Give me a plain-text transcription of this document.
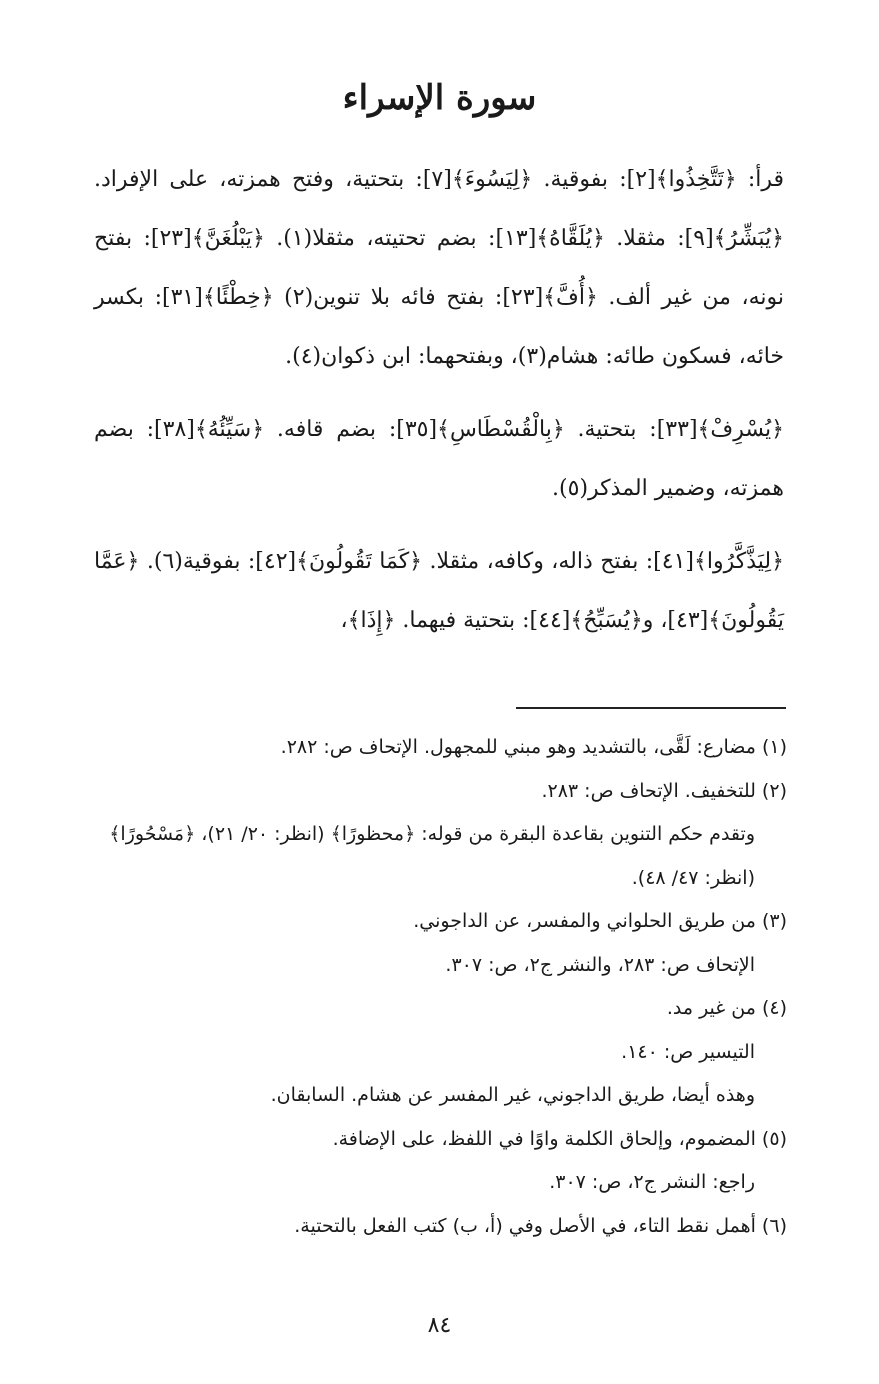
سورة الإسراء

قرأ: ﴿تَتَّخِذُوا﴾[٢]: بفوقية. ﴿لِيَسُوءَ﴾[٧]: بتحتية، وفتح همزته، على الإفراد. ﴿يُبَشِّرُ﴾[٩]: مثقلا. ﴿يُلَقَّاهُ﴾[١٣]: بضم تحتيته، مثقلا(١). ﴿يَبْلُغَنَّ﴾[٢٣]: بفتح نونه، من غير ألف. ﴿أُفَّ﴾[٢٣]: بفتح فائه بلا تنوين(٢) ﴿خِطْئًا﴾[٣١]: بكسر خائه، فسكون طائه: هشام(٣)، وبفتحهما: ابن ذكوان(٤).

﴿يُسْرِفْ﴾[٣٣]: بتحتية. ﴿بِالْقُسْطَاسِ﴾[٣٥]: بضم قافه. ﴿سَيِّئُهُ﴾[٣٨]: بضم همزته، وضمير المذكر(٥).

﴿لِيَذَّكَّرُوا﴾[٤١]: بفتح ذاله، وكافه، مثقلا. ﴿كَمَا تَقُولُونَ﴾[٤٢]: بفوقية(٦). ﴿عَمَّا يَقُولُونَ﴾[٤٣]، و﴿يُسَبِّحُ﴾[٤٤]: بتحتية فيهما. ﴿إِذَا﴾،

(١) مضارع: لَقَّى، بالتشديد وهو مبني للمجهول. الإتحاف ص: ٢٨٢.
(٢) للتخفيف. الإتحاف ص: ٢٨٣.
وتقدم حكم التنوين بقاعدة البقرة من قوله: ﴿محظورًا﴾ (انظر: ٢٠/ ٢١)، ﴿مَسْحُورًا﴾(انظر: ٤٧/ ٤٨).
(٣) من طريق الحلواني والمفسر، عن الداجوني.
الإتحاف ص: ٢٨٣، والنشر ج٢، ص: ٣٠٧.
(٤) من غير مد.
التيسير ص: ١٤٠.
وهذه أيضا، طريق الداجوني، غير المفسر عن هشام. السابقان.
(٥) المضموم، وإلحاق الكلمة واوًا في اللفظ، على الإضافة.
راجع: النشر ج٢، ص: ٣٠٧.
(٦) أهمل نقط التاء، في الأصل وفي (أ، ب) كتب الفعل بالتحتية.
٨٤
